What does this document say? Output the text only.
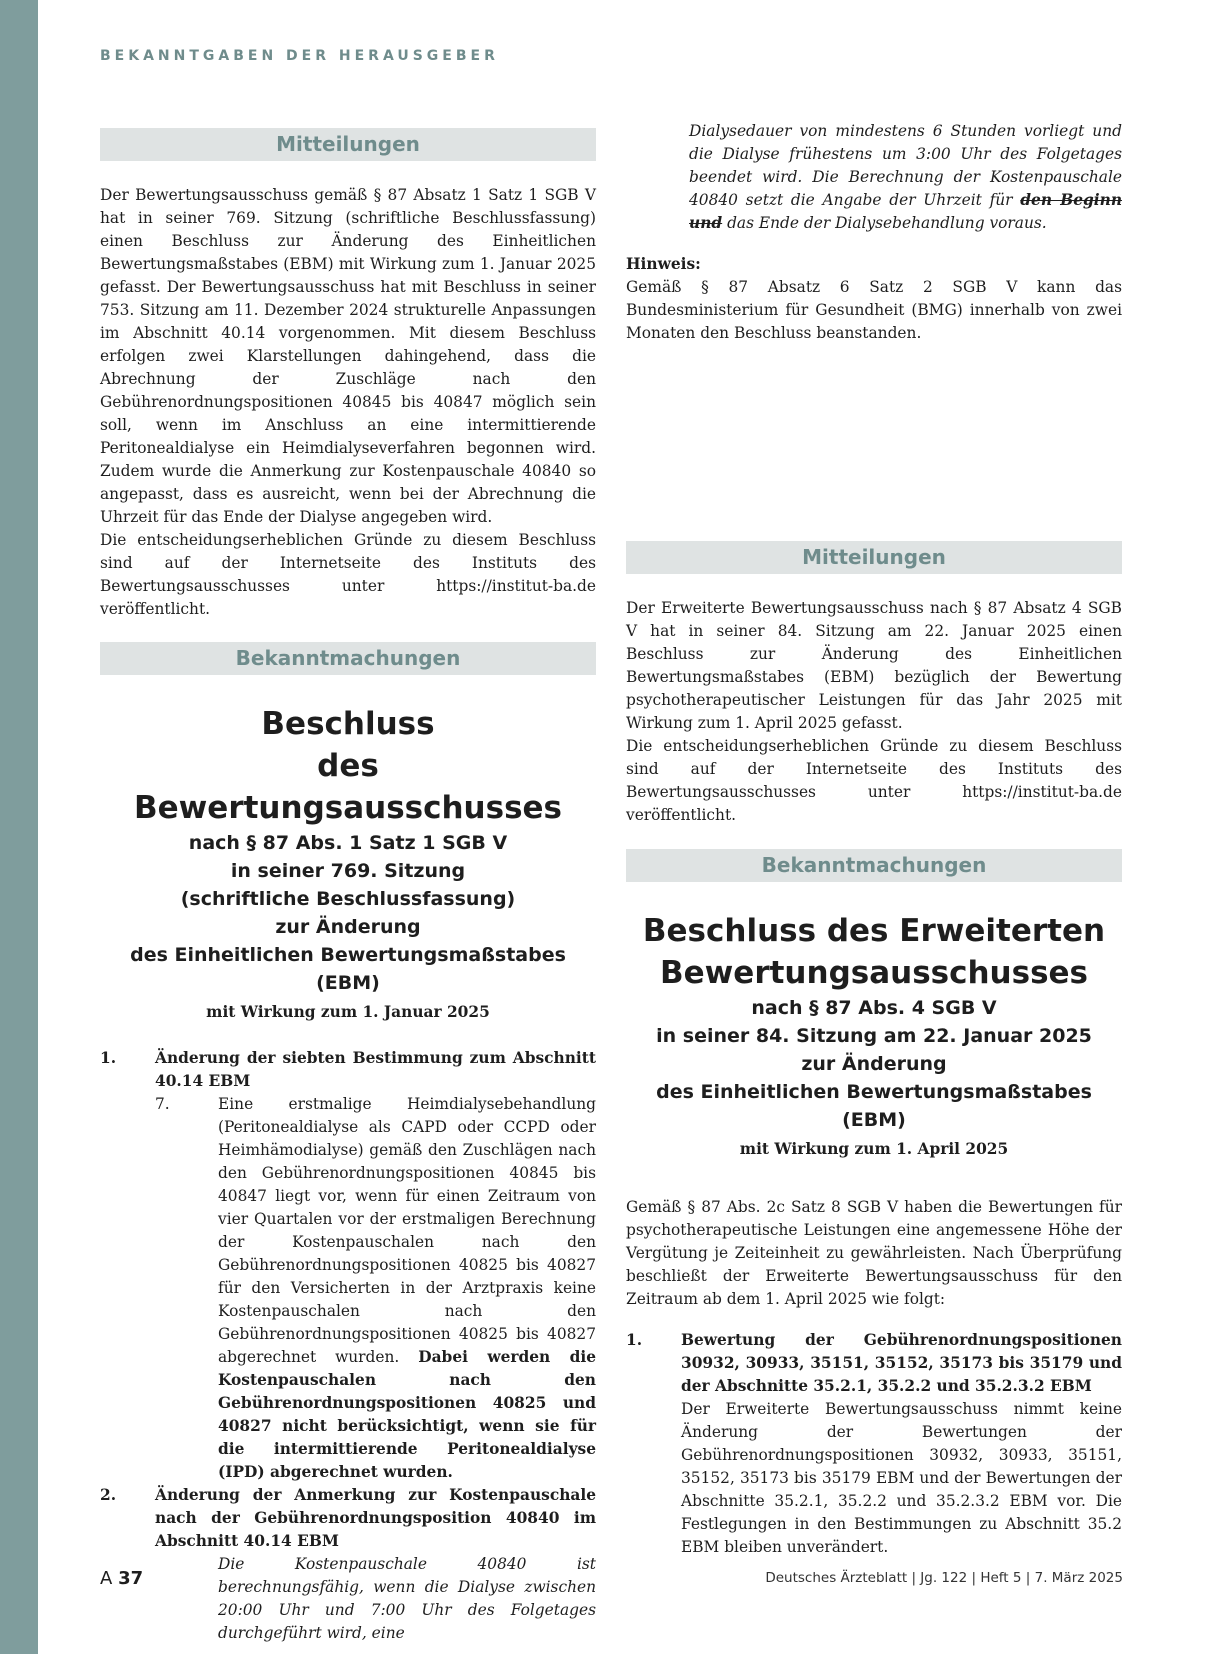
BEKANNTGABEN DER HERAUSGEBER
Mitteilungen

Der Bewertungsausschuss gemäß § 87 Absatz 1 Satz 1 SGB V hat in seiner 769. Sitzung (schriftliche Beschlussfassung) einen Beschluss zur Änderung des Einheitlichen Bewertungsmaßstabes (EBM) mit Wirkung zum 1. Januar 2025 gefasst. Der Bewertungsausschuss hat mit Beschluss in seiner 753. Sitzung am 11. Dezember 2024 strukturelle Anpassungen im Abschnitt 40.14 vorgenommen. Mit diesem Beschluss erfolgen zwei Klarstellungen dahingehend, dass die Abrechnung der Zuschläge nach den Gebührenordnungspositionen 40845 bis 40847 möglich sein soll, wenn im Anschluss an eine intermittierende Peritonealdialyse ein Heimdialyseverfahren begonnen wird. Zudem wurde die Anmerkung zur Kostenpauschale 40840 so angepasst, dass es ausreicht, wenn bei der Abrechnung die Uhrzeit für das Ende der Dialyse angegeben wird.

Die entscheidungserheblichen Gründe zu diesem Beschluss sind auf der Internetseite des Instituts des Bewertungsausschusses unter https://institut-ba.de veröffentlicht.

Bekanntmachungen
Beschluss
des Bewertungsausschusses
nach § 87 Abs. 1 Satz 1 SGB V
in seiner 769. Sitzung
(schriftliche Beschlussfassung)
zur Änderung
des Einheitlichen Bewertungsmaßstabes (EBM)
mit Wirkung zum 1. Januar 2025
1.	Änderung der siebten Bestimmung zum Abschnitt 40.14 EBM
7.	Eine erstmalige Heimdialysebehandlung (Peritonealdialyse als CAPD oder CCPD oder Heimhämodialyse) gemäß den Zuschlägen nach den Gebührenordnungspositionen 40845 bis 40847 liegt vor, wenn für einen Zeitraum von vier Quartalen vor der erstmaligen Berechnung der Kostenpauschalen nach den Gebührenordnungspositionen 40825 bis 40827 für den Versicherten in der Arztpraxis keine Kostenpauschalen nach den Gebührenordnungspositionen 40825 bis 40827 abgerechnet wurden. Dabei werden die Kostenpauschalen nach den Gebührenordnungspositionen 40825 und 40827 nicht berücksichtigt, wenn sie für die intermittierende Peritonealdialyse (IPD) abgerechnet wurden.
2.	Änderung der Anmerkung zur Kostenpauschale nach der Gebührenordnungsposition 40840 im Abschnitt 40.14 EBM
Die Kostenpauschale 40840 ist berechnungsfähig, wenn die Dialyse zwischen 20:00 Uhr und 7:00 Uhr des Folgetages durchgeführt wird, eine
Dialysedauer von mindestens 6 Stunden vorliegt und die Dialyse frühestens um 3:00 Uhr des Folgetages beendet wird. Die Berechnung der Kostenpauschale 40840 setzt die Angabe der Uhrzeit für den Beginn und das Ende der Dialysebehandlung voraus.
Hinweis:

Gemäß § 87 Absatz 6 Satz 2 SGB V kann das Bundesministerium für Gesundheit (BMG) innerhalb von zwei Monaten den Beschluss beanstanden.

Mitteilungen

Der Erweiterte Bewertungsausschuss nach § 87 Absatz 4 SGB V hat in seiner 84. Sitzung am 22. Januar 2025 einen Beschluss zur Änderung des Einheitlichen Bewertungsmaßstabes (EBM) bezüglich der Bewertung psychotherapeutischer Leistungen für das Jahr 2025 mit Wirkung zum 1. April 2025 gefasst.

Die entscheidungserheblichen Gründe zu diesem Beschluss sind auf der Internetseite des Instituts des Bewertungsausschusses unter https://institut-ba.de veröffentlicht.

Bekanntmachungen
Beschluss des Erweiterten
Bewertungsausschusses
nach § 87 Abs. 4 SGB V
in seiner 84. Sitzung am 22. Januar 2025
zur Änderung
des Einheitlichen Bewertungsmaßstabes (EBM)
mit Wirkung zum 1. April 2025
Gemäß § 87 Abs. 2c Satz 8 SGB V haben die Bewertungen für psychotherapeutische Leistungen eine angemessene Höhe der Vergütung je Zeiteinheit zu gewährleisten. Nach Überprüfung beschließt der Erweiterte Bewertungsausschuss für den Zeitraum ab dem 1. April 2025 wie folgt:
1.	Bewertung der Gebührenordnungspositionen 30932, 30933, 35151, 35152, 35173 bis 35179 und der Abschnitte 35.2.1, 35.2.2 und 35.2.3.2 EBM
Der Erweiterte Bewertungsausschuss nimmt keine Änderung der Bewertungen der Gebührenordnungspositionen 30932, 30933, 35151, 35152, 35173 bis 35179 EBM und der Bewertungen der Abschnitte 35.2.1, 35.2.2 und 35.2.3.2 EBM vor. Die Festlegungen in den Bestimmungen zu Abschnitt 35.2 EBM bleiben unverändert.
A 37	Deutsches Ärzteblatt | Jg. 122 | Heft 5 | 7. März 2025
